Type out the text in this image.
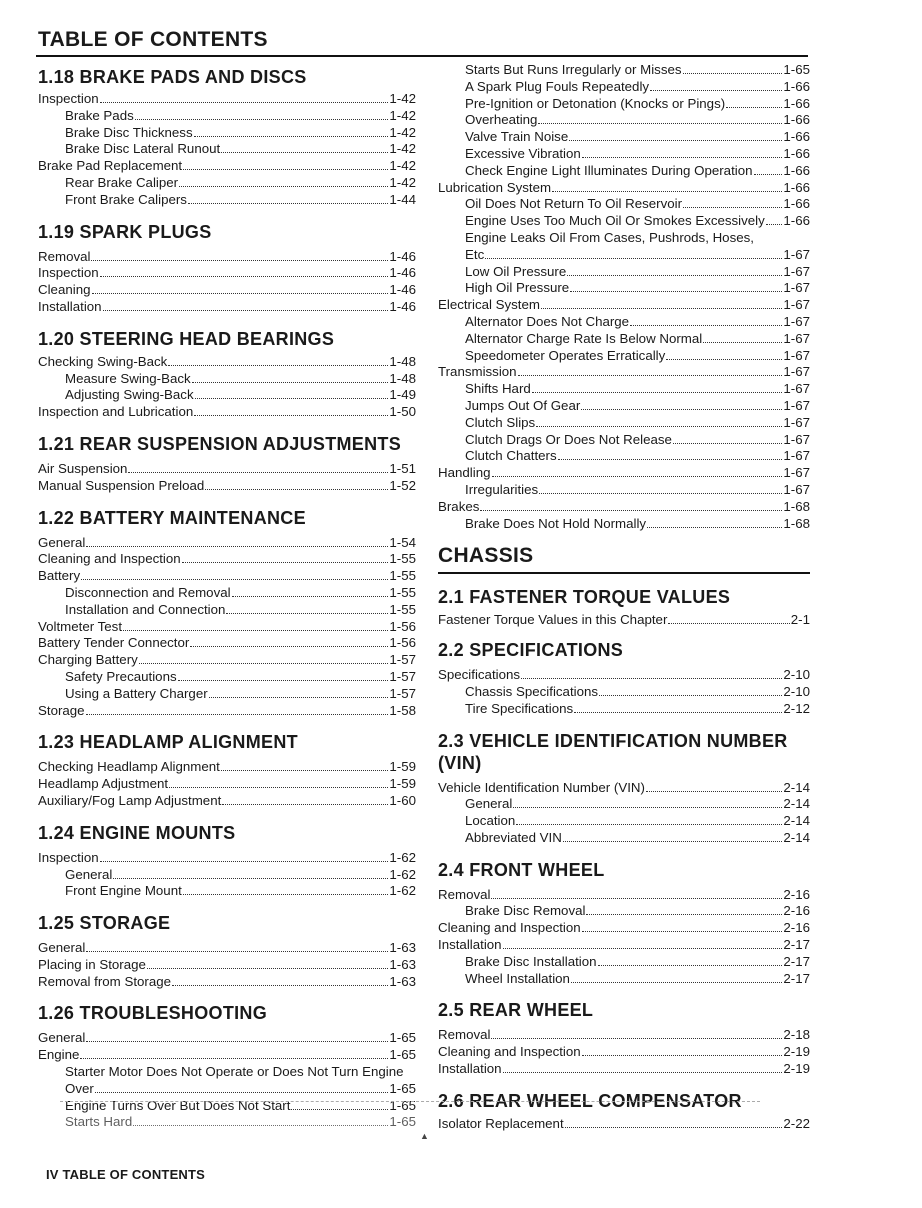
TABLE OF CONTENTS
1.18 BRAKE PADS AND DISCS
Inspection	1-42
Brake Pads	1-42
Brake Disc Thickness	1-42
Brake Disc Lateral Runout	1-42
Brake Pad Replacement	1-42
Rear Brake Caliper	1-42
Front Brake Calipers	1-44
1.19 SPARK PLUGS
Removal	1-46
Inspection	1-46
Cleaning	1-46
Installation	1-46
1.20 STEERING HEAD BEARINGS
Checking Swing-Back	1-48
Measure Swing-Back	1-48
Adjusting Swing-Back	1-49
Inspection and Lubrication	1-50
1.21 REAR SUSPENSION ADJUSTMENTS
Air Suspension	1-51
Manual Suspension Preload	1-52
1.22 BATTERY MAINTENANCE
General	1-54
Cleaning and Inspection	1-55
Battery	1-55
Disconnection and Removal	1-55
Installation and Connection	1-55
Voltmeter Test	1-56
Battery Tender Connector	1-56
Charging Battery	1-57
Safety Precautions	1-57
Using a Battery Charger	1-57
Storage	1-58
1.23 HEADLAMP ALIGNMENT
Checking Headlamp Alignment	1-59
Headlamp Adjustment	1-59
Auxiliary/Fog Lamp Adjustment	1-60
1.24 ENGINE MOUNTS
Inspection	1-62
General	1-62
Front Engine Mount	1-62
1.25 STORAGE
General	1-63
Placing in Storage	1-63
Removal from Storage	1-63
1.26 TROUBLESHOOTING
General	1-65
Engine	1-65
Starter Motor Does Not Operate or Does Not Turn Engine
Over	1-65
Engine Turns Over But Does Not Start	1-65
Starts Hard	1-65
Starts But Runs Irregularly or Misses	1-65
A Spark Plug Fouls Repeatedly	1-66
Pre-Ignition or Detonation (Knocks or Pings)	1-66
Overheating	1-66
Valve Train Noise	1-66
Excessive Vibration	1-66
Check Engine Light Illuminates During Operation 1-66
Lubrication System	1-66
Oil Does Not Return To Oil Reservoir	1-66
Engine Uses Too Much Oil Or Smokes Excessively 1-66
Engine Leaks Oil From Cases, Pushrods, Hoses,
Etc	1-67
Low Oil Pressure	1-67
High Oil Pressure	1-67
Electrical System	1-67
Alternator Does Not Charge	1-67
Alternator Charge Rate Is Below Normal	1-67
Speedometer Operates Erratically	1-67
Transmission	1-67
Shifts Hard	1-67
Jumps Out Of Gear	1-67
Clutch Slips	1-67
Clutch Drags Or Does Not Release	1-67
Clutch Chatters	1-67
Handling	1-67
Irregularities	1-67
Brakes	1-68
Brake Does Not Hold Normally	1-68
CHASSIS
2.1 FASTENER TORQUE VALUES
Fastener Torque Values in this Chapter	2-1
2.2 SPECIFICATIONS
Specifications	2-10
Chassis Specifications	2-10
Tire Specifications	2-12
2.3 VEHICLE IDENTIFICATION NUMBER
(VIN)
Vehicle Identification Number (VIN)	2-14
General	2-14
Location	2-14
Abbreviated VIN	2-14
2.4 FRONT WHEEL
Removal	2-16
Brake Disc Removal	2-16
Cleaning and Inspection	2-16
Installation	2-17
Brake Disc Installation	2-17
Wheel Installation	2-17
2.5 REAR WHEEL
Removal	2-18
Cleaning and Inspection	2-19
Installation	2-19
2.6 REAR WHEEL COMPENSATOR
Isolator Replacement	2-22
▲
IV TABLE OF CONTENTS
